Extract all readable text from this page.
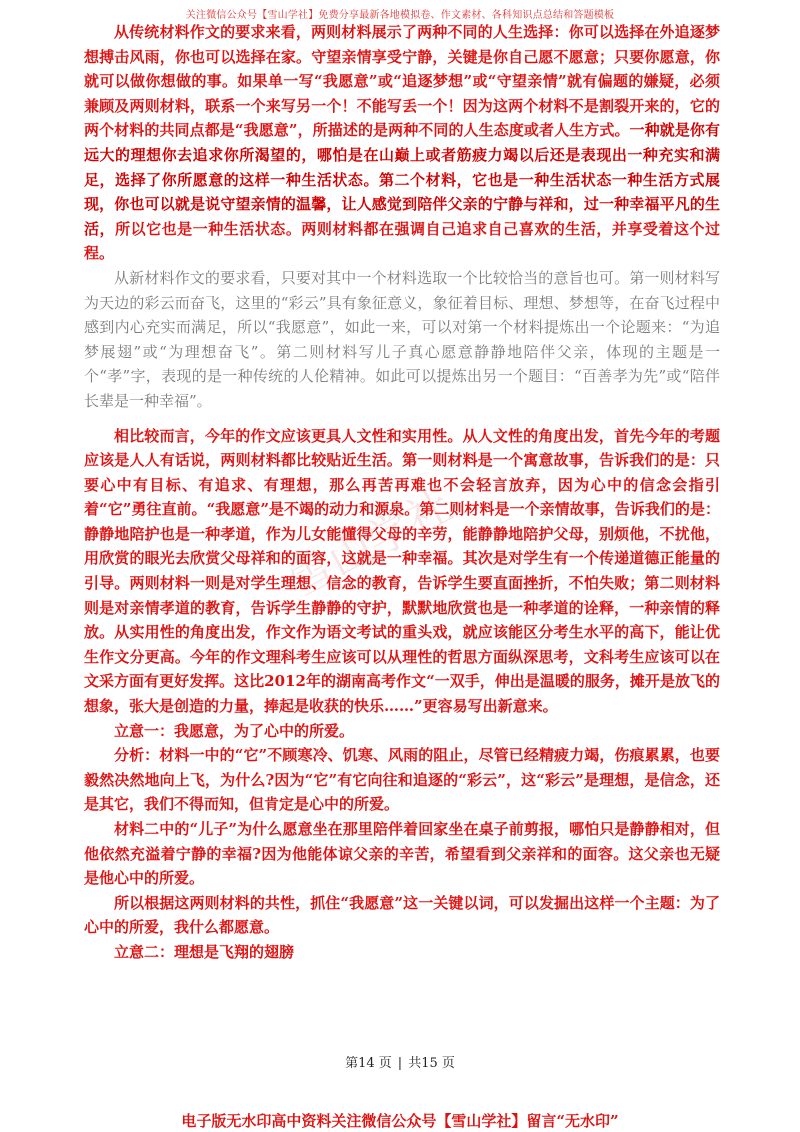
关注微信公众号【雪山学社】免费分享最新各地模拟卷、作文素材、各科知识点总结和答题模板
雪山学社

从传统材料作文的要求来看，两则材料展示了两种不同的人生选择：你可以选择在外追逐梦想搏击风雨，你也可以选择在家。守望亲情享受宁静，关键是你自己愿不愿意；只要你愿意，你就可以做你想做的事。如果单一写“我愿意”或“追逐梦想”或“守望亲情”就有偏题的嫌疑，必须兼顾及两则材料，联系一个来写另一个！不能写丢一个！因为这两个材料不是割裂开来的，它的两个材料的共同点都是“我愿意”，所描述的是两种不同的人生态度或者人生方式。一种就是你有远大的理想你去追求你所渴望的，哪怕是在山巅上或者筋疲力竭以后还是表现出一种充实和满足，选择了你所愿意的这样一种生活状态。第二个材料，它也是一种生活状态一种生活方式展现，你也可以就是说守望亲情的温馨，让人感觉到陪伴父亲的宁静与祥和，过一种幸福平凡的生活，所以它也是一种生活状态。两则材料都在强调自己追求自己喜欢的生活，并享受着这个过程。

从新材料作文的要求看，只要对其中一个材料选取一个比较恰当的意旨也可。第一则材料写为天边的彩云而奋飞，这里的“彩云”具有象征意义，象征着目标、理想、梦想等，在奋飞过程中感到内心充实而满足，所以“我愿意”，如此一来，可以对第一个材料提炼出一个论题来：“为追梦展翅”或“为理想奋飞”。第二则材料写儿子真心愿意静静地陪伴父亲，体现的主题是一个“孝”字，表现的是一种传统的人伦精神。如此可以提炼出另一个题目：“百善孝为先”或“陪伴长辈是一种幸福”。

相比较而言，今年的作文应该更具人文性和实用性。从人文性的角度出发，首先今年的考题应该是人人有话说，两则材料都比较贴近生活。第一则材料是一个寓意故事，告诉我们的是：只要心中有目标、有追求、有理想，那么再苦再难也不会轻言放弃，因为心中的信念会指引着“它”勇往直前。“我愿意”是不竭的动力和源泉。第二则材料是一个亲情故事，告诉我们的是：静静地陪护也是一种孝道，作为儿女能懂得父母的辛劳，能静静地陪护父母，别烦他，不扰他，用欣赏的眼光去欣赏父母祥和的面容，这就是一种幸福。其次是对学生有一个传递道德正能量的引导。两则材料一则是对学生理想、信念的教育，告诉学生要直面挫折，不怕失败；第二则材料则是对亲情孝道的教育，告诉学生静静的守护，默默地欣赏也是一种孝道的诠释，一种亲情的释放。从实用性的角度出发，作文作为语文考试的重头戏，就应该能区分考生水平的高下，能让优生作文分更高。今年的作文理科考生应该可以从理性的哲思方面纵深思考，文科考生应该可以在文采方面有更好发挥。这比2012年的湖南高考作文“一双手，伸出是温暖的服务，摊开是放飞的想象，张大是创造的力量，捧起是收获的快乐……”更容易写出新意来。

立意一：我愿意，为了心中的所爱。

分析：材料一中的“它”不顾寒冷、饥寒、风雨的阻止，尽管已经精疲力竭，伤痕累累，也要毅然决然地向上飞，为什么?因为“它”有它向往和追逐的“彩云”，这“彩云”是理想，是信念，还是其它，我们不得而知，但肯定是心中的所爱。

材料二中的“儿子”为什么愿意坐在那里陪伴着回家坐在桌子前剪报，哪怕只是静静相对，但他依然充溢着宁静的幸福?因为他能体谅父亲的辛苦，希望看到父亲祥和的面容。这父亲也无疑是他心中的所爱。

所以根据这两则材料的共性，抓住“我愿意”这一关键以词，可以发掘出这样一个主题：为了心中的所爱，我什么都愿意。

立意二：理想是飞翔的翅膀

第14 页 | 共15 页
电子版无水印高中资料关注微信公众号【雪山学社】留言“无水印”
